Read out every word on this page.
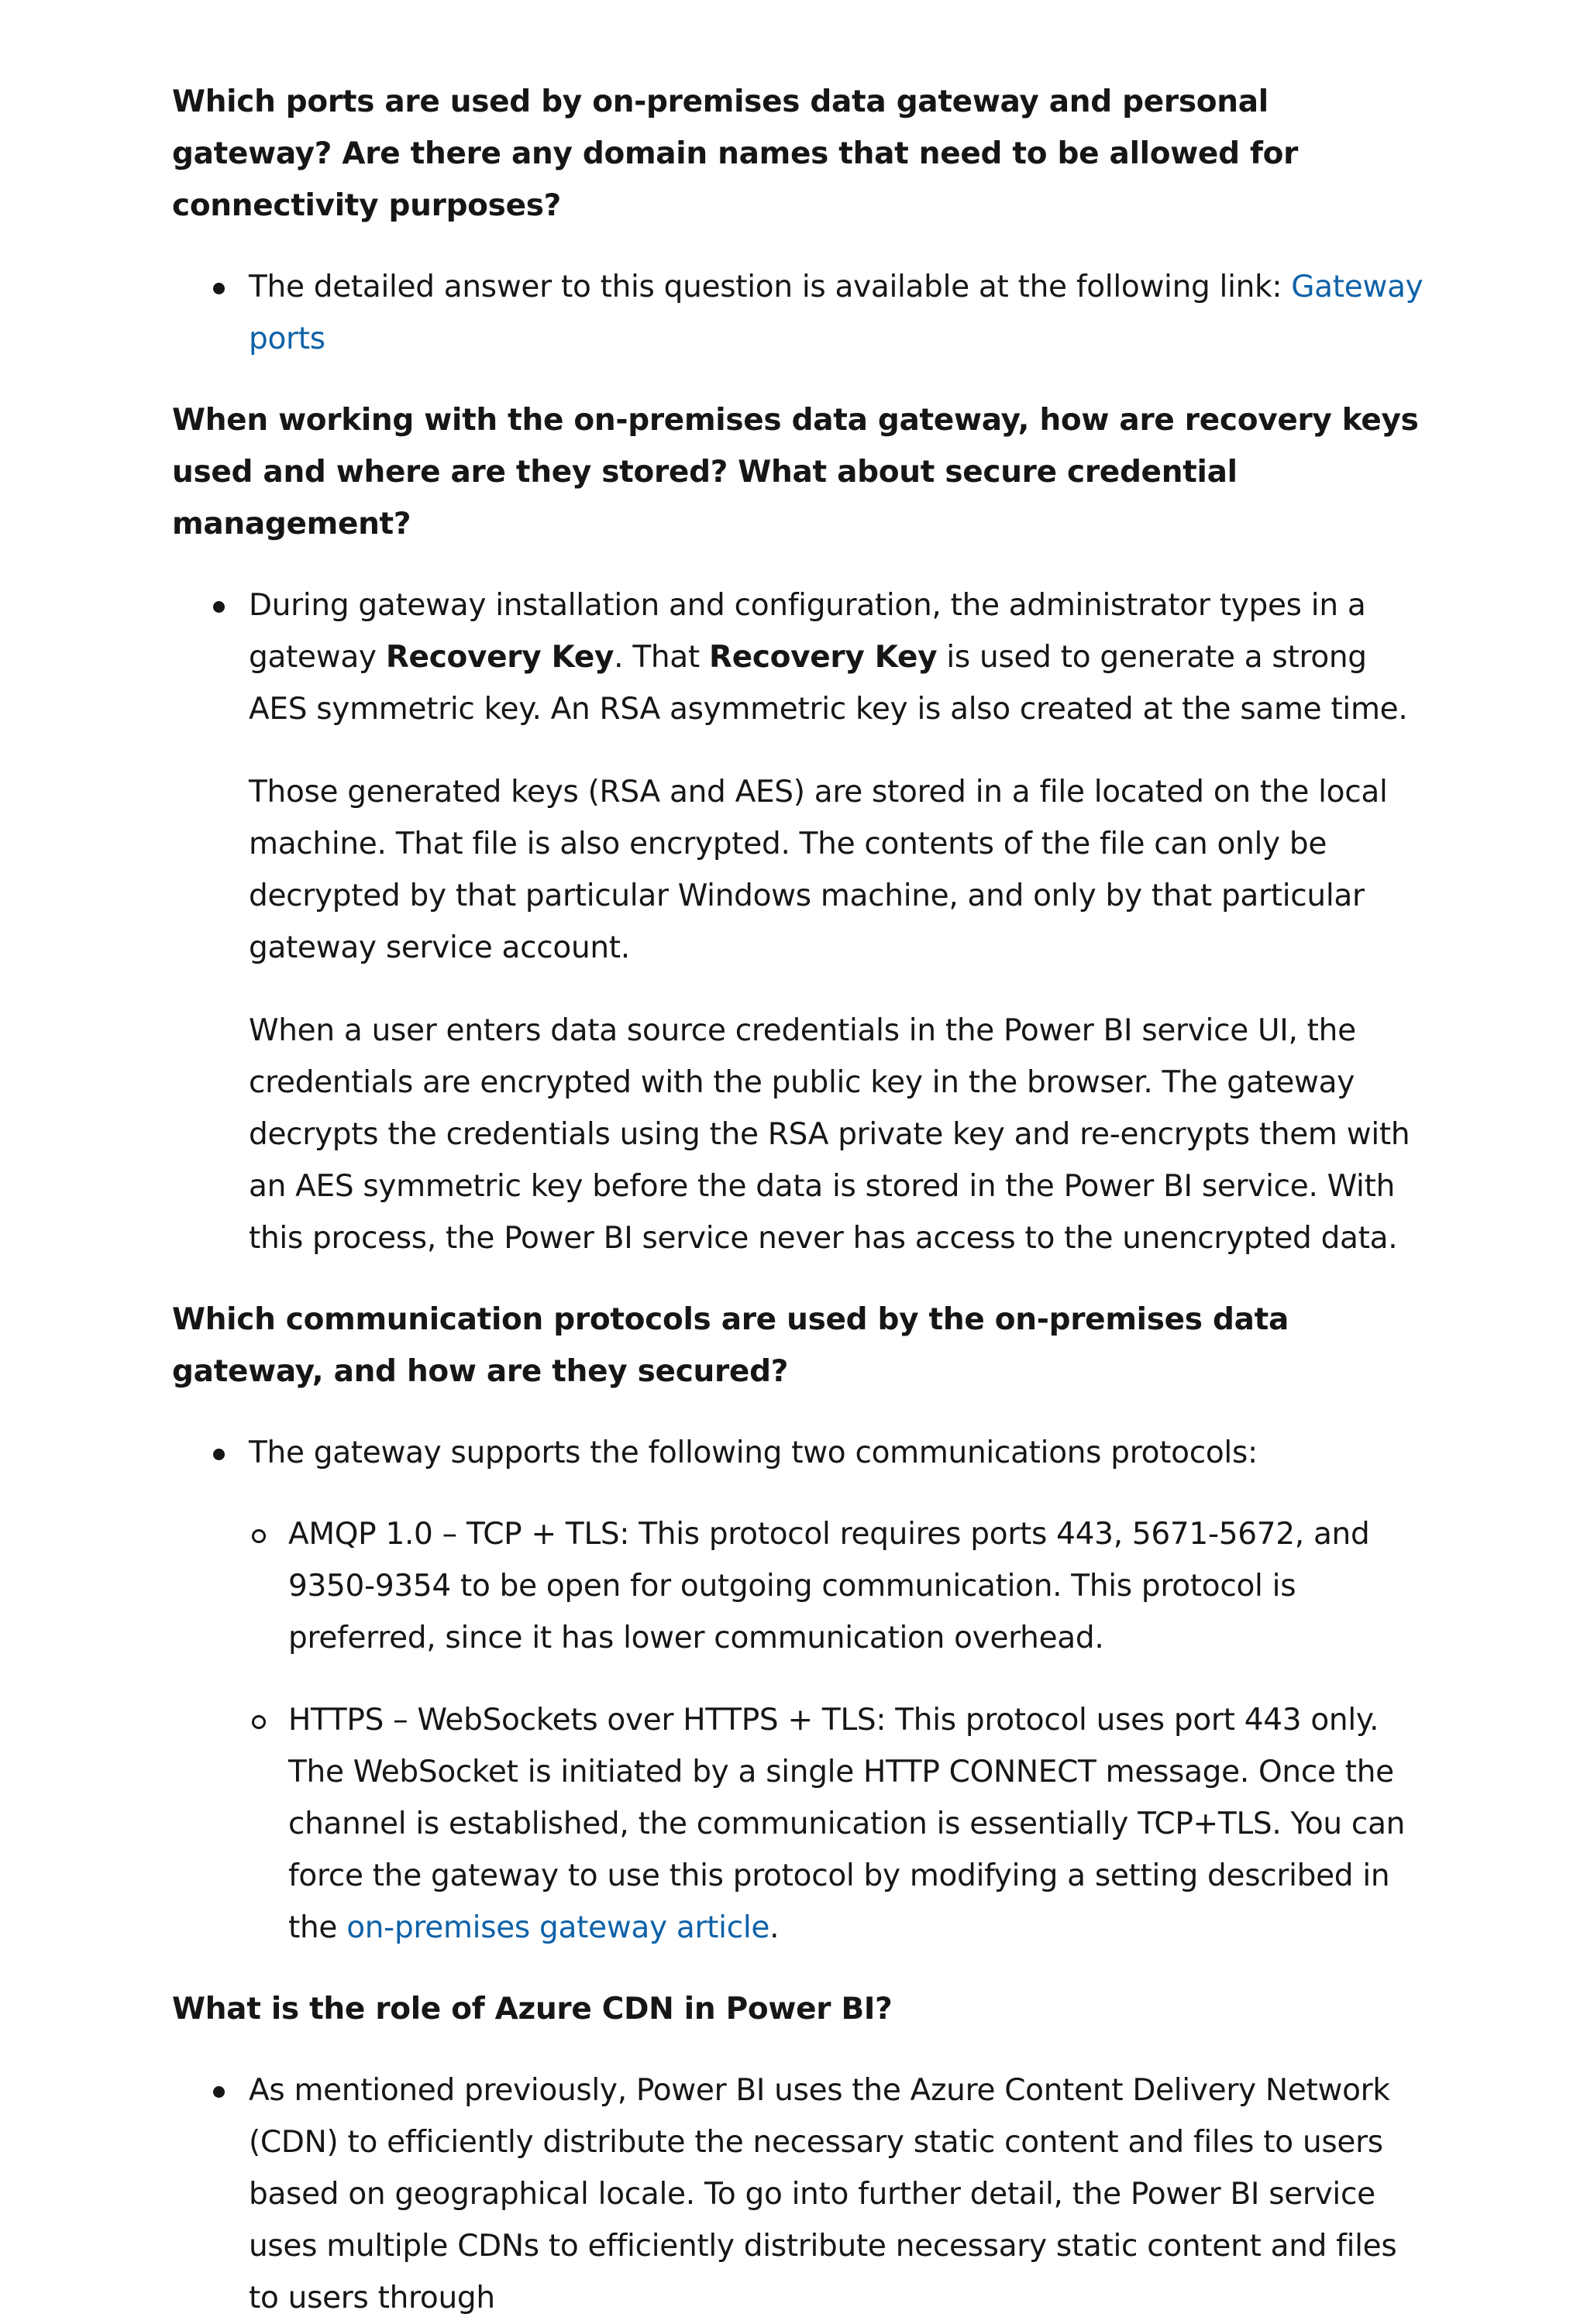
Which ports are used by on-premises data gateway and personal gateway? Are there any domain names that need to be allowed for connectivity purposes?

The detailed answer to this question is available at the following link: Gateway ports

When working with the on-premises data gateway, how are recovery keys used and where are they stored? What about secure credential management?

During gateway installation and configuration, the administrator types in a gateway Recovery Key. That Recovery Key is used to generate a strong AES symmetric key. An RSA asymmetric key is also created at the same time.
Those generated keys (RSA and AES) are stored in a file located on the local machine. That file is also encrypted. The contents of the file can only be decrypted by that particular Windows machine, and only by that particular gateway service account.
When a user enters data source credentials in the Power BI service UI, the credentials are encrypted with the public key in the browser. The gateway decrypts the credentials using the RSA private key and re-encrypts them with an AES symmetric key before the data is stored in the Power BI service. With this process, the Power BI service never has access to the unencrypted data.

Which communication protocols are used by the on-premises data gateway, and how are they secured?

The gateway supports the following two communications protocols:
AMQP 1.0 – TCP + TLS: This protocol requires ports 443, 5671-5672, and 9350-9354 to be open for outgoing communication. This protocol is preferred, since it has lower communication overhead.
HTTPS – WebSockets over HTTPS + TLS: This protocol uses port 443 only. The WebSocket is initiated by a single HTTP CONNECT message. Once the channel is established, the communication is essentially TCP+TLS. You can force the gateway to use this protocol by modifying a setting described in the on-premises gateway article.

What is the role of Azure CDN in Power BI?

As mentioned previously, Power BI uses the Azure Content Delivery Network (CDN) to efficiently distribute the necessary static content and files to users based on geographical locale. To go into further detail, the Power BI service uses multiple CDNs to efficiently distribute necessary static content and files to users through
